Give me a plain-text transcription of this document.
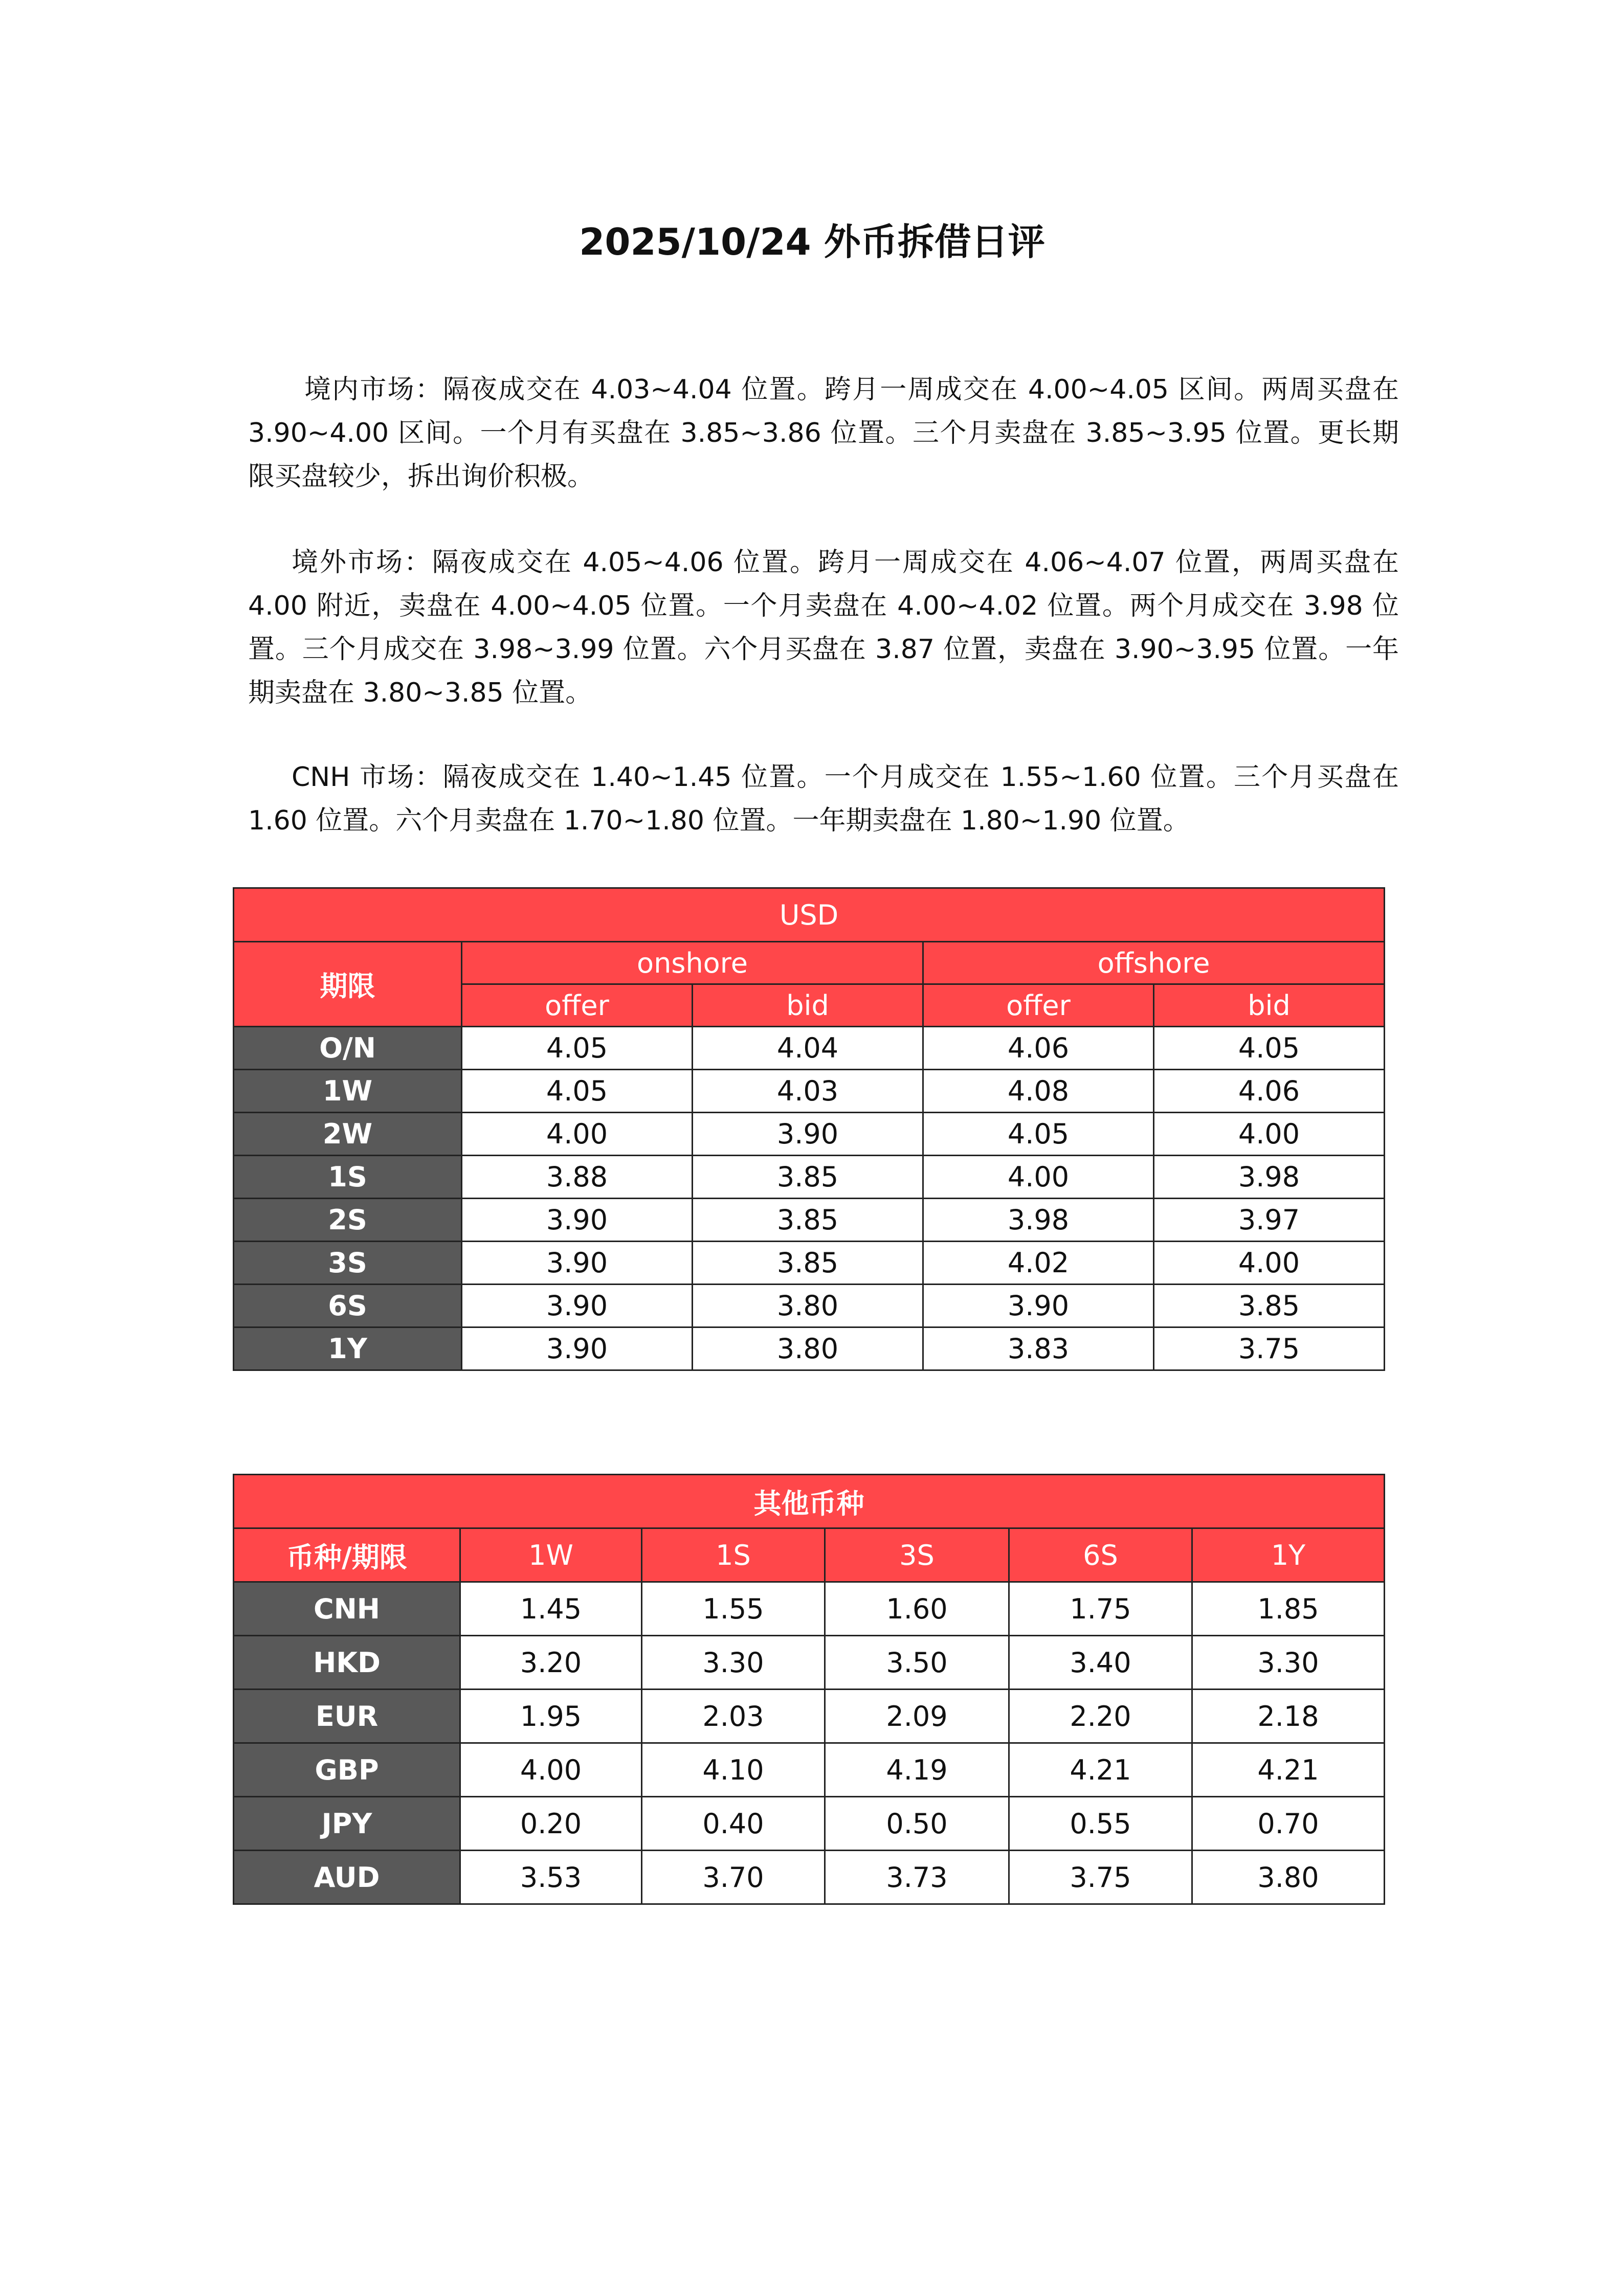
2025/10/24 外币拆借日评

境内市场：隔夜成交在 4.03~4.04 位置。跨月一周成交在 4.00~4.05 区间。两周买盘在 3.90~4.00 区间。一个月有买盘在 3.85~3.86 位置。三个月卖盘在 3.85~3.95 位置。更长期限买盘较少，拆出询价积极。

境外市场：隔夜成交在 4.05~4.06 位置。跨月一周成交在 4.06~4.07 位置，两周买盘在 4.00 附近，卖盘在 4.00~4.05 位置。一个月卖盘在 4.00~4.02 位置。两个月成交在 3.98 位置。三个月成交在 3.98~3.99 位置。六个月买盘在 3.87 位置，卖盘在 3.90~3.95 位置。一年期卖盘在 3.80~3.85 位置。

CNH 市场：隔夜成交在 1.40~1.45 位置。一个月成交在 1.55~1.60 位置。三个月买盘在 1.60 位置。六个月卖盘在 1.70~1.80 位置。一年期卖盘在 1.80~1.90 位置。

USD				
期限	onshore		offshore	
	offer	bid	offer	bid
O/N	4.05	4.04	4.06	4.05
1W	4.05	4.03	4.08	4.06
2W	4.00	3.90	4.05	4.00
1S	3.88	3.85	4.00	3.98
2S	3.90	3.85	3.98	3.97
3S	3.90	3.85	4.02	4.00
6S	3.90	3.80	3.90	3.85
1Y	3.90	3.80	3.83	3.75
其他币种					
币种/期限	1W	1S	3S	6S	1Y
CNH	1.45	1.55	1.60	1.75	1.85
HKD	3.20	3.30	3.50	3.40	3.30
EUR	1.95	2.03	2.09	2.20	2.18
GBP	4.00	4.10	4.19	4.21	4.21
JPY	0.20	0.40	0.50	0.55	0.70
AUD	3.53	3.70	3.73	3.75	3.80
